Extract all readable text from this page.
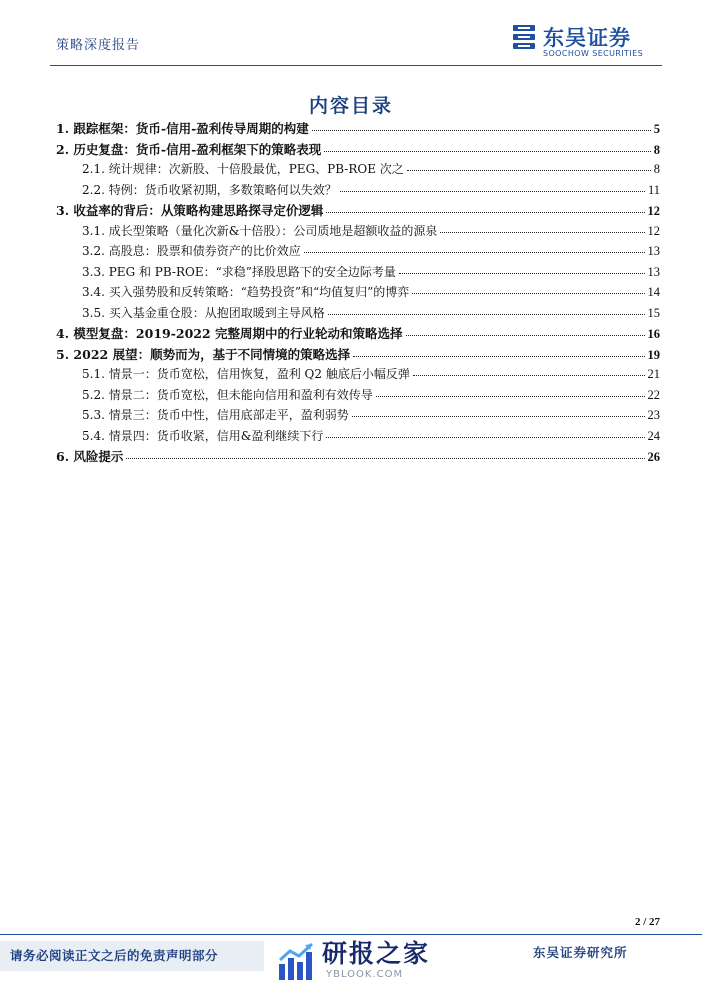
策略深度报告	东吴证券
SOOCHOW SECURITIES
内容目录
1. 跟踪框架：货币-信用-盈利传导周期的构建	5
2. 历史复盘：货币-信用-盈利框架下的策略表现	8
2.1. 统计规律：次新股、十倍股最优，PEG、PB-ROE 次之	8
2.2. 特例：货币收紧初期，多数策略何以失效？	11
3. 收益率的背后：从策略构建思路探寻定价逻辑	12
3.1. 成长型策略（量化次新&十倍股）：公司质地是超额收益的源泉	12
3.2. 高股息：股票和债券资产的比价效应	13
3.3. PEG 和 PB-ROE：“求稳”择股思路下的安全边际考量	13
3.4. 买入强势股和反转策略：“趋势投资”和“均值复归”的博弈	14
3.5. 买入基金重仓股：从抱团取暖到主导风格	15
4. 模型复盘：2019-2022 完整周期中的行业轮动和策略选择	16
5. 2022 展望：顺势而为，基于不同情境的策略选择	19
5.1. 情景一：货币宽松，信用恢复，盈利 Q2 触底后小幅反弹	21
5.2. 情景二：货币宽松，但未能向信用和盈利有效传导	22
5.3. 情景三：货币中性，信用底部走平，盈利弱势	23
5.4. 情景四：货币收紧，信用&盈利继续下行	24
6. 风险提示	26
2 / 27
请务必阅读正文之后的免责声明部分	研报之家
YBLOOK.COM
东吴证券研究所
